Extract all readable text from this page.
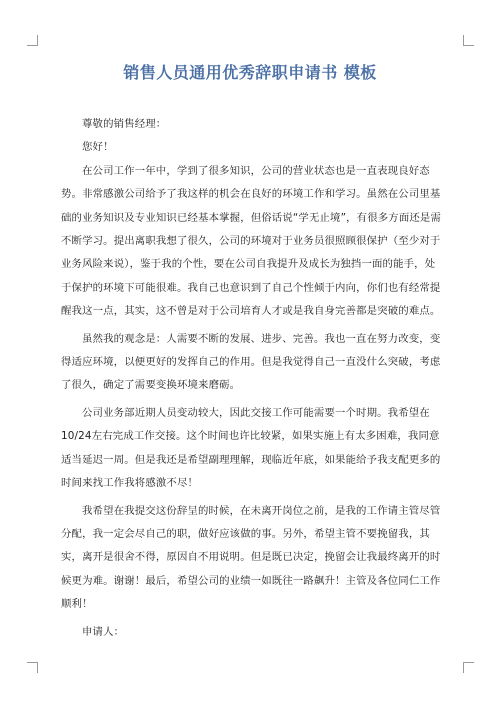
销售人员通用优秀辞职申请书 模板

尊敬的销售经理：

您好！

在公司工作一年中，学到了很多知识，公司的营业状态也是一直表现良好态势。非常感激公司给予了我这样的机会在良好的环境工作和学习。虽然在公司里基础的业务知识及专业知识已经基本掌握，但俗话说“学无止境”，有很多方面还是需不断学习。提出离职我想了很久，公司的环境对于业务员很照顾很保护（至少对于业务风险来说），鉴于我的个性，要在公司自我提升及成长为独挡一面的能手，处于保护的环境下可能很难。我自己也意识到了自己个性倾于内向，你们也有经常提醒我这一点，其实，这不曾是对于公司培育人才或是我自身完善都是突破的难点。

虽然我的观念是：人需要不断的发展、进步、完善。我也一直在努力改变，变得适应环境，以便更好的发挥自己的作用。但是我觉得自己一直没什么突破，考虑了很久，确定了需要变换环境来磨砺。

公司业务部近期人员变动较大，因此交接工作可能需要一个时期。我希望在10/24左右完成工作交接。这个时间也许比较紧，如果实施上有太多困难，我同意适当延迟一周。但是我还是希望副理理解，现临近年底，如果能给予我支配更多的时间来找工作我将感激不尽！

我希望在我提交这份辞呈的时候，在未离开岗位之前，是我的工作请主管尽管分配，我一定会尽自己的职，做好应该做的事。另外，希望主管不要挽留我，其实，离开是很舍不得，原因自不用说明。但是既已决定，挽留会让我最终离开的时候更为难。谢谢！最后，希望公司的业绩一如既往一路飙升！主管及各位同仁工作顺利！

申请人：
